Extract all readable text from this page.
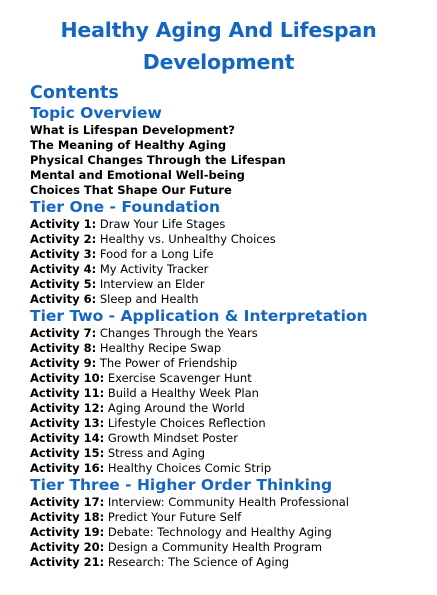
Healthy Aging And Lifespan
Development
Contents
Topic Overview
What is Lifespan Development?
The Meaning of Healthy Aging
Physical Changes Through the Lifespan
Mental and Emotional Well-being
Choices That Shape Our Future
Tier One - Foundation
Activity 1: Draw Your Life Stages
Activity 2: Healthy vs. Unhealthy Choices
Activity 3: Food for a Long Life
Activity 4: My Activity Tracker
Activity 5: Interview an Elder
Activity 6: Sleep and Health
Tier Two - Application & Interpretation
Activity 7: Changes Through the Years
Activity 8: Healthy Recipe Swap
Activity 9: The Power of Friendship
Activity 10: Exercise Scavenger Hunt
Activity 11: Build a Healthy Week Plan
Activity 12: Aging Around the World
Activity 13: Lifestyle Choices Reflection
Activity 14: Growth Mindset Poster
Activity 15: Stress and Aging
Activity 16: Healthy Choices Comic Strip
Tier Three - Higher Order Thinking
Activity 17: Interview: Community Health Professional
Activity 18: Predict Your Future Self
Activity 19: Debate: Technology and Healthy Aging
Activity 20: Design a Community Health Program
Activity 21: Research: The Science of Aging
